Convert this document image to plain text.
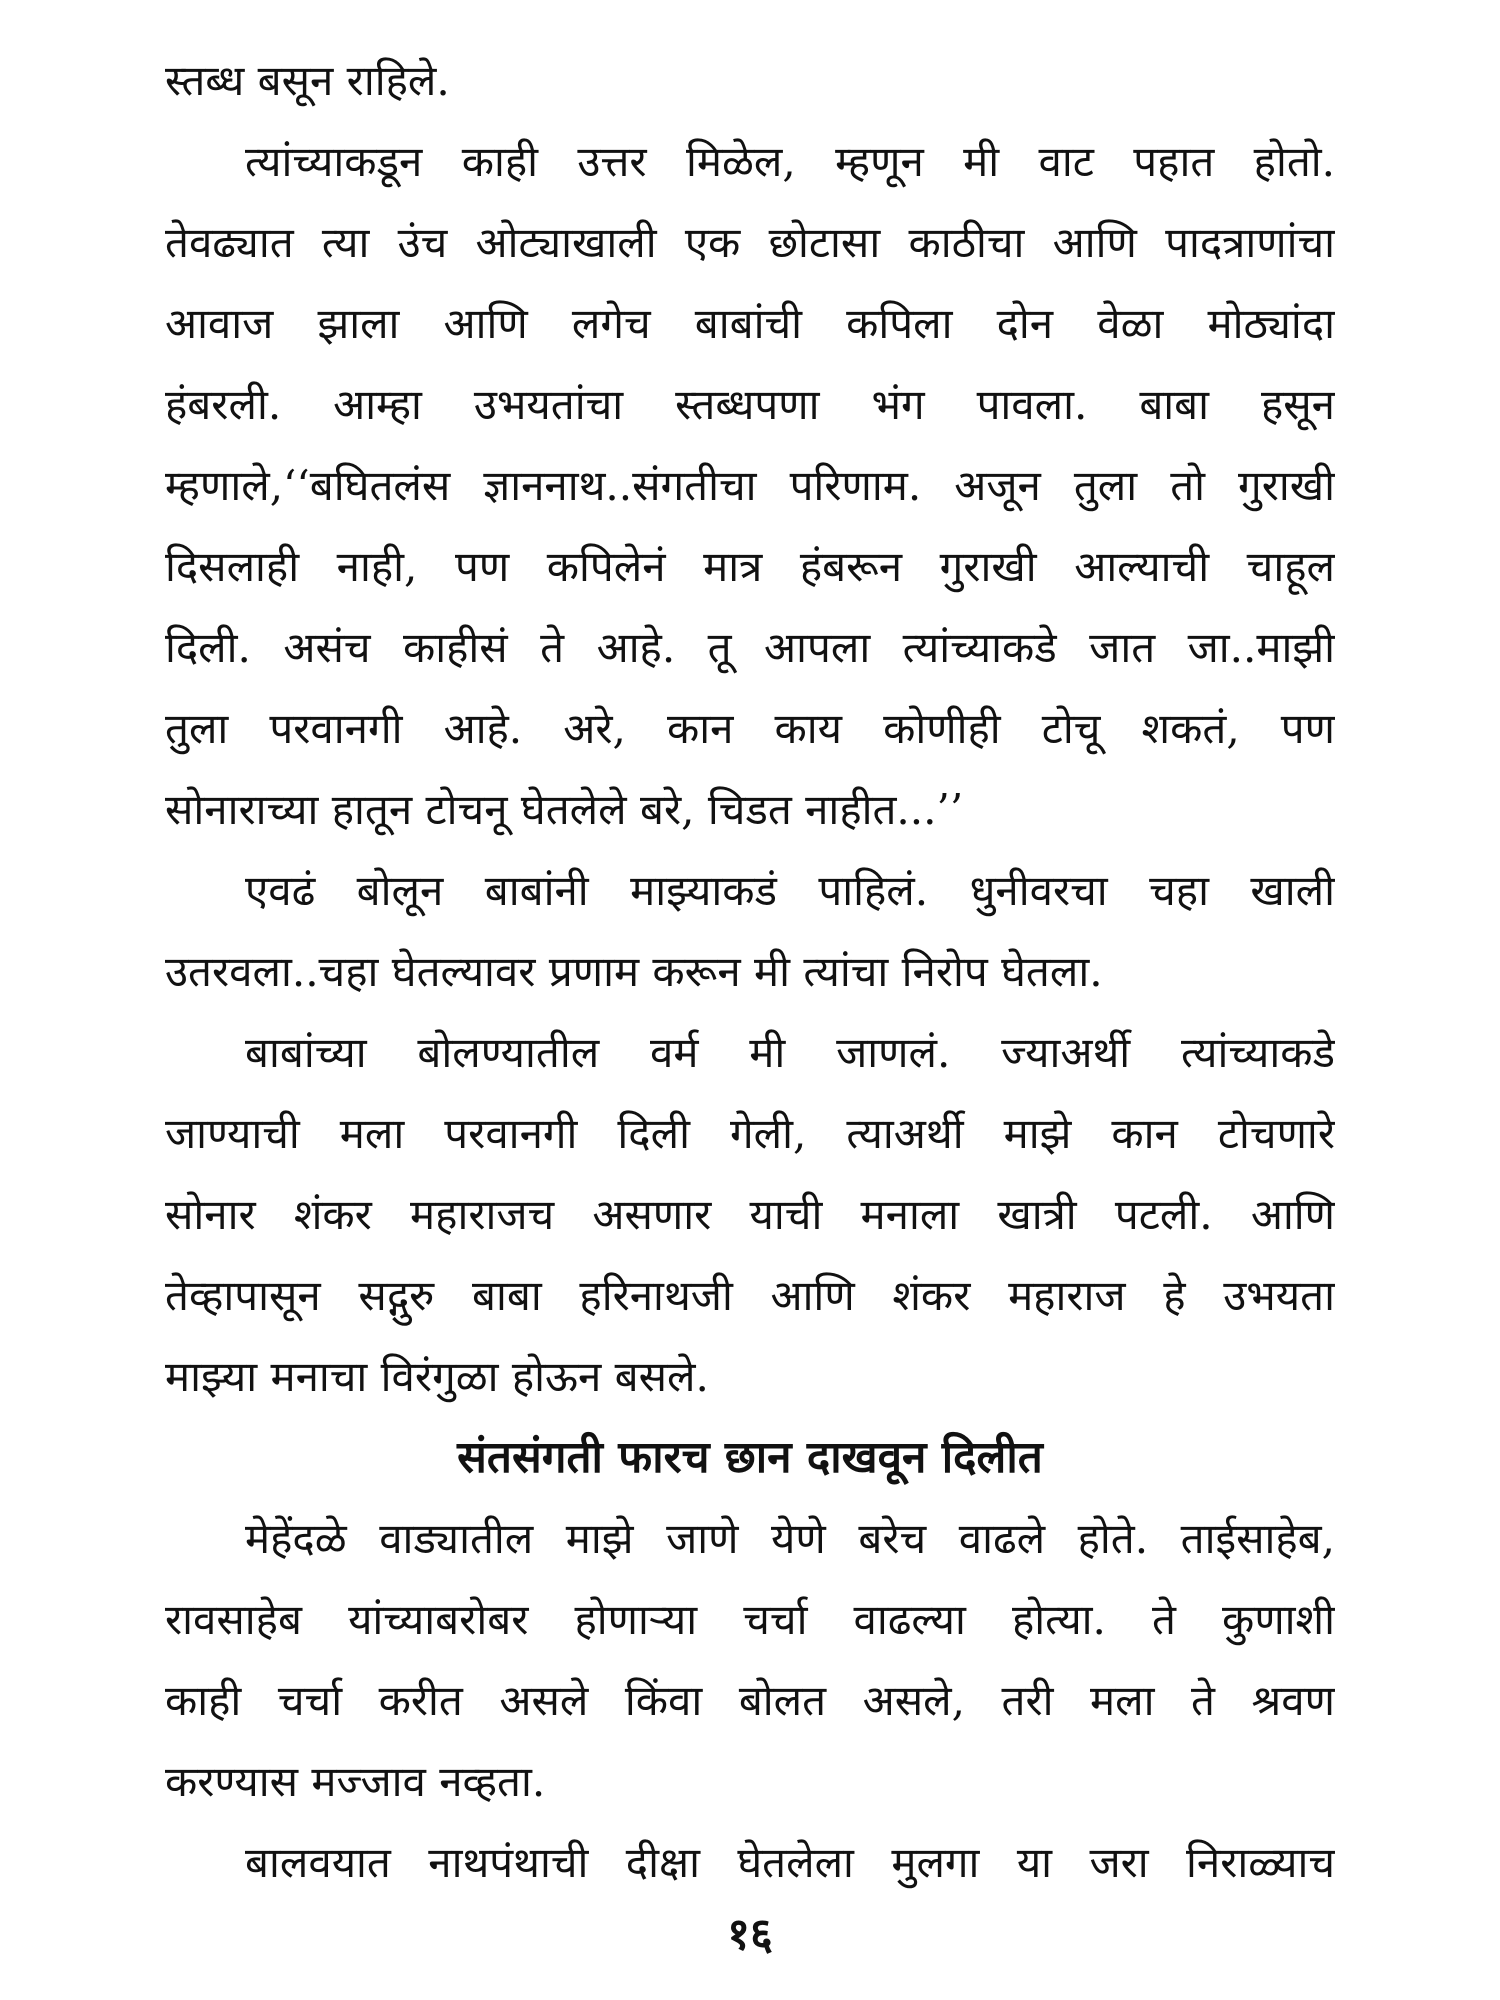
स्तब्ध बसून राहिले.
त्यांच्याकडून काही उत्तर मिळेल, म्हणून मी वाट पहात होतो.
तेवढ्यात त्या उंच ओट्याखाली एक छोटासा काठीचा आणि पादत्राणांचा
आवाज झाला आणि लगेच बाबांची कपिला दोन वेळा मोठ्यांदा
हंबरली. आम्हा उभयतांचा स्तब्धपणा भंग पावला. बाबा हसून
म्हणाले,‘‘बघितलंस ज्ञाननाथ..संगतीचा परिणाम. अजून तुला तो गुराखी
दिसलाही नाही, पण कपिलेनं मात्र हंबरून गुराखी आल्याची चाहूल
दिली. असंच काहीसं ते आहे. तू आपला त्यांच्याकडे जात जा..माझी
तुला परवानगी आहे. अरे, कान काय कोणीही टोचू शकतं, पण
सोनाराच्या हातून टोचनू घेतलेले बरे, चिडत नाहीत...’’
एवढं बोलून बाबांनी माझ्याकडं पाहिलं. धुनीवरचा चहा खाली
उतरवला..चहा घेतल्यावर प्रणाम करून मी त्यांचा निरोप घेतला.
बाबांच्या बोलण्यातील वर्म मी जाणलं. ज्याअर्थी त्यांच्याकडे
जाण्याची मला परवानगी दिली गेली, त्याअर्थी माझे कान टोचणारे
सोनार शंकर महाराजच असणार याची मनाला खात्री पटली. आणि
तेव्हापासून सद्गुरु बाबा हरिनाथजी आणि शंकर महाराज हे उभयता
माझ्या मनाचा विरंगुळा होऊन बसले.
संतसंगती फारच छान दाखवून दिलीत
मेहेंदळे वाड्यातील माझे जाणे येणे बरेच वाढले होते. ताईसाहेब,
रावसाहेब यांच्याबरोबर होणाऱ्या चर्चा वाढल्या होत्या. ते कुणाशी
काही चर्चा करीत असले किंवा बोलत असले, तरी मला ते श्रवण
करण्यास मज्जाव नव्हता.
बालवयात नाथपंथाची दीक्षा घेतलेला मुलगा या जरा निराळ्याच
१६
